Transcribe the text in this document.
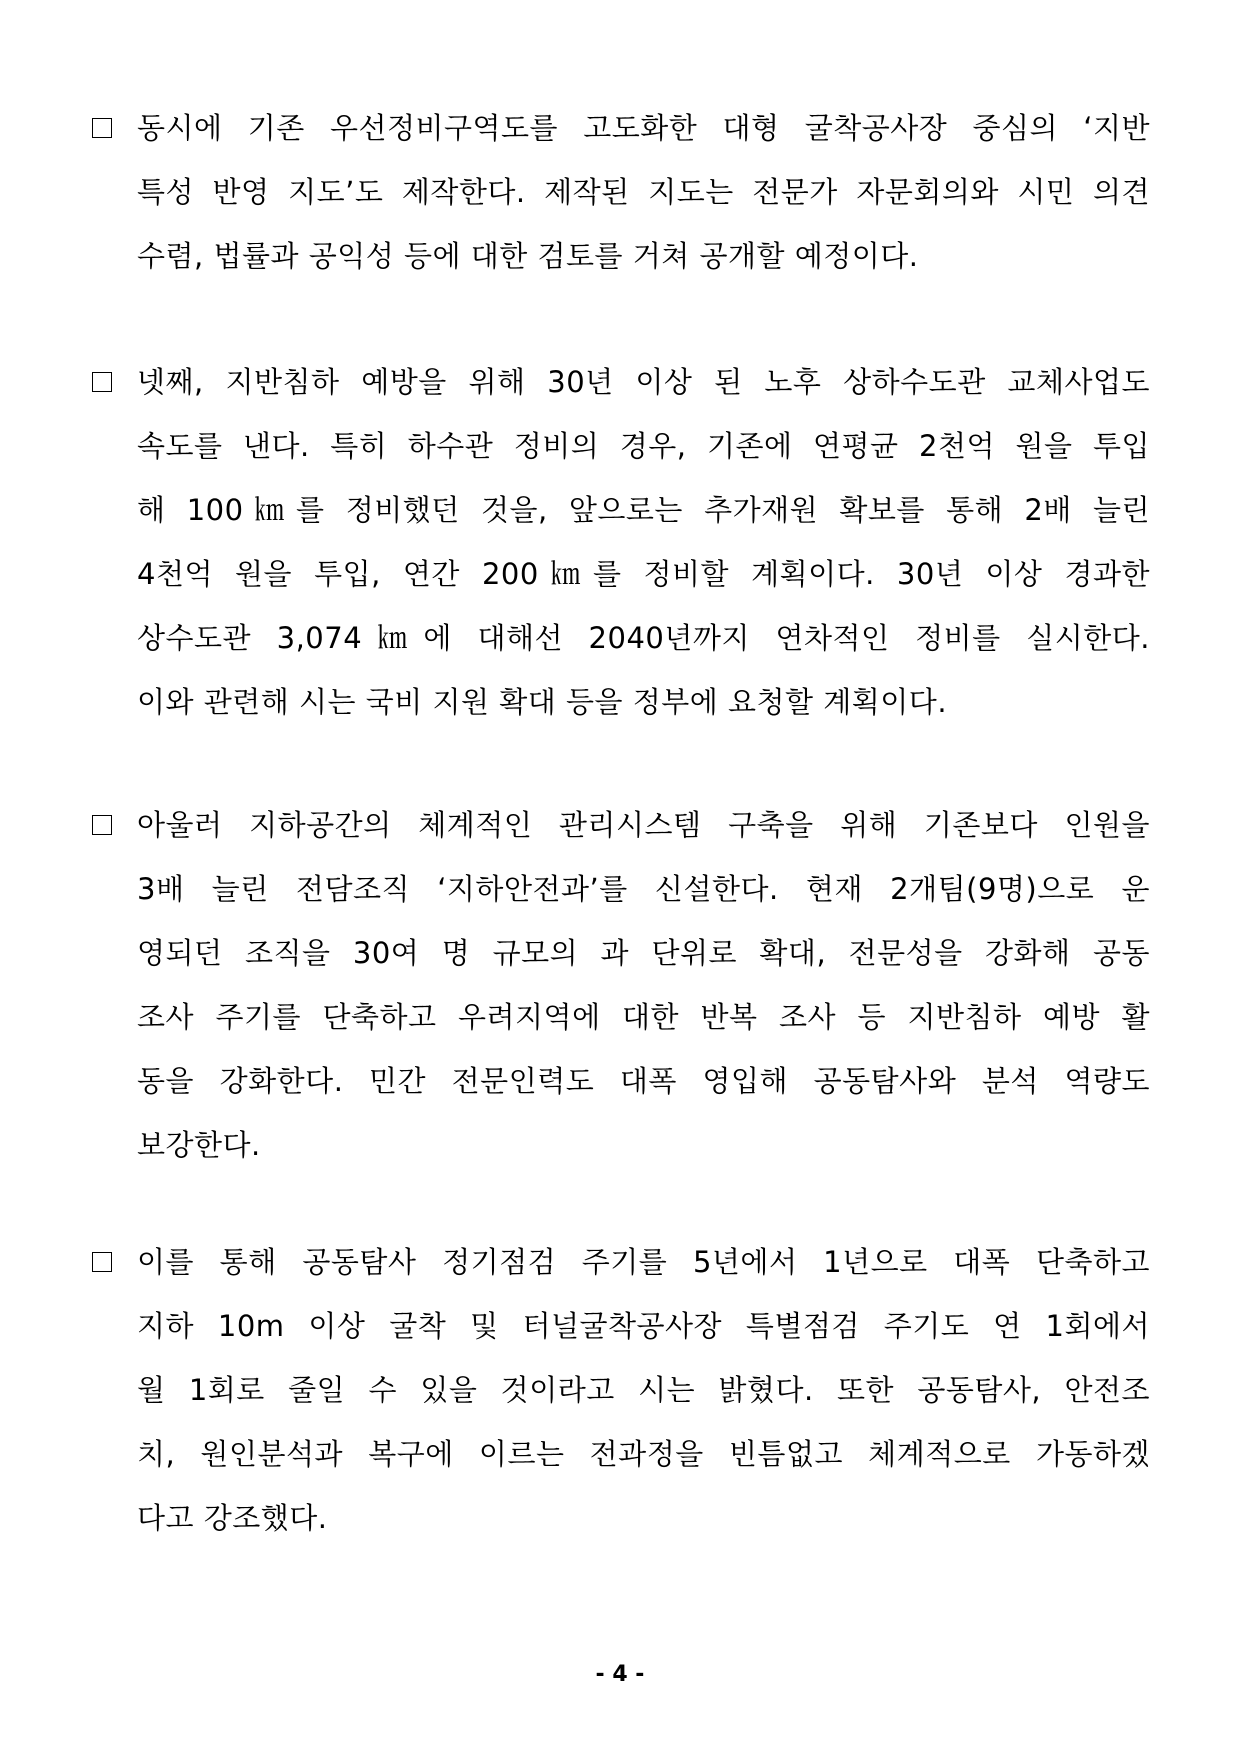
동시에 기존 우선정비구역도를 고도화한 대형 굴착공사장 중심의 ‘지반
특성 반영 지도’도 제작한다. 제작된 지도는 전문가 자문회의와 시민 의견
수렴, 법률과 공익성 등에 대한 검토를 거쳐 공개할 예정이다.
넷째, 지반침하 예방을 위해 30년 이상 된 노후 상하수도관 교체사업도
속도를 낸다. 특히 하수관 정비의 경우, 기존에 연평균 2천억 원을 투입
해 100㎞를 정비했던 것을, 앞으로는 추가재원 확보를 통해 2배 늘린
4천억 원을 투입, 연간 200㎞를 정비할 계획이다. 30년 이상 경과한
상수도관 3,074㎞에 대해선 2040년까지 연차적인 정비를 실시한다.
이와 관련해 시는 국비 지원 확대 등을 정부에 요청할 계획이다.
아울러 지하공간의 체계적인 관리시스템 구축을 위해 기존보다 인원을
3배 늘린 전담조직 ‘지하안전과’를 신설한다. 현재 2개팀(9명)으로 운
영되던 조직을 30여 명 규모의 과 단위로 확대, 전문성을 강화해 공동
조사 주기를 단축하고 우려지역에 대한 반복 조사 등 지반침하 예방 활
동을 강화한다. 민간 전문인력도 대폭 영입해 공동탐사와 분석 역량도
보강한다.
이를 통해 공동탐사 정기점검 주기를 5년에서 1년으로 대폭 단축하고
지하 10m 이상 굴착 및 터널굴착공사장 특별점검 주기도 연 1회에서
월 1회로 줄일 수 있을 것이라고 시는 밝혔다. 또한 공동탐사, 안전조
치, 원인분석과 복구에 이르는 전과정을 빈틈없고 체계적으로 가동하겠
다고 강조했다.
- 4 -
